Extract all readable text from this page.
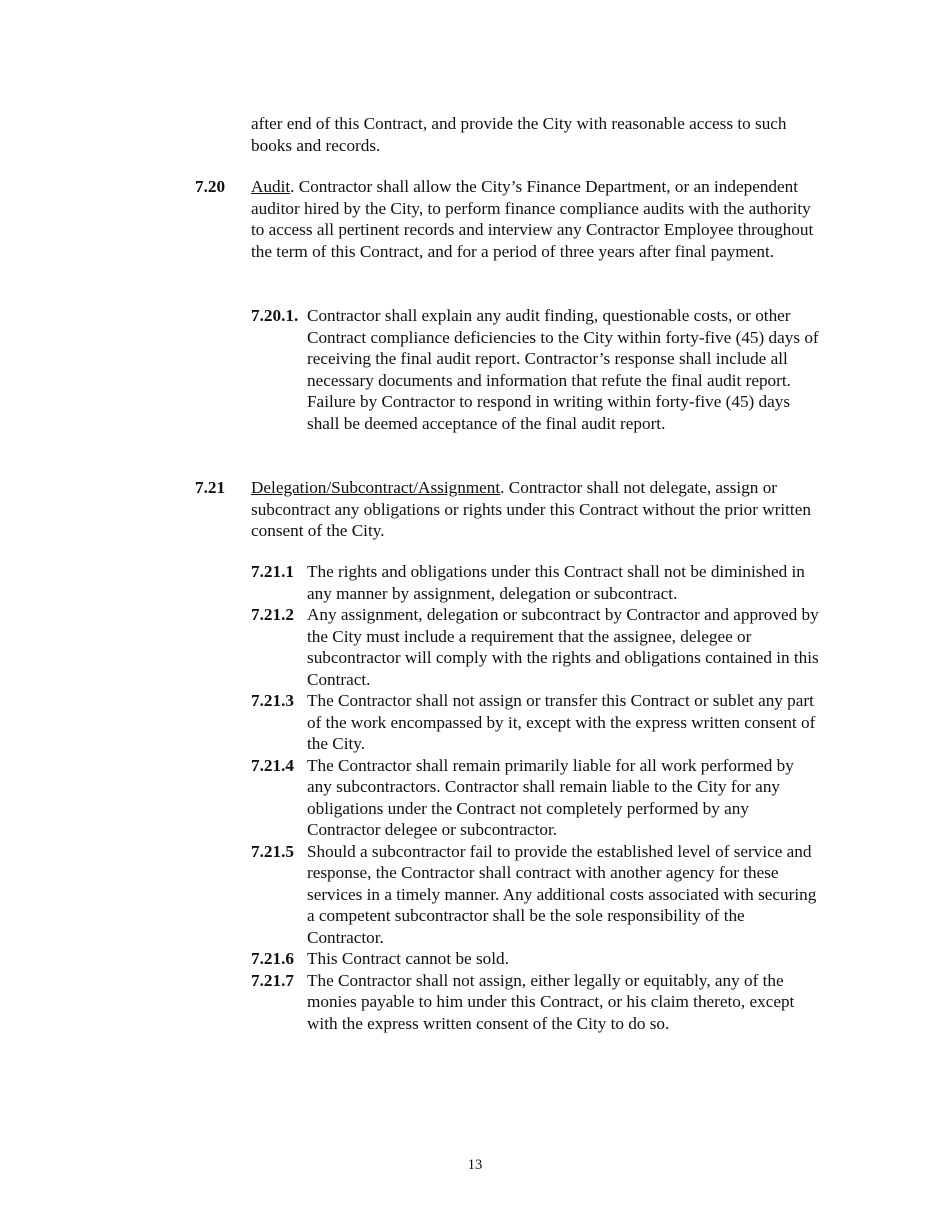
after end of this Contract, and provide the City with reasonable access to such books and records.
7.20	Audit. Contractor shall allow the City’s Finance Department, or an independent auditor hired by the City, to perform finance compliance audits with the authority to access all pertinent records and interview any Contractor Employee throughout the term of this Contract, and for a period of three years after final payment.
7.20.1. Contractor shall explain any audit finding, questionable costs, or other Contract compliance deficiencies to the City within forty-five (45) days of receiving the final audit report. Contractor’s response shall include all necessary documents and information that refute the final audit report. Failure by Contractor to respond in writing within forty-five (45) days shall be deemed acceptance of the final audit report.
7.21	Delegation/Subcontract/Assignment. Contractor shall not delegate, assign or subcontract any obligations or rights under this Contract without the prior written consent of the City.
7.21.1 The rights and obligations under this Contract shall not be diminished in any manner by assignment, delegation or subcontract.
7.21.2 Any assignment, delegation or subcontract by Contractor and approved by the City must include a requirement that the assignee, delegee or subcontractor will comply with the rights and obligations contained in this Contract.
7.21.3 The Contractor shall not assign or transfer this Contract or sublet any part of the work encompassed by it, except with the express written consent of the City.
7.21.4 The Contractor shall remain primarily liable for all work performed by any subcontractors. Contractor shall remain liable to the City for any obligations under the Contract not completely performed by any Contractor delegee or subcontractor.
7.21.5 Should a subcontractor fail to provide the established level of service and response, the Contractor shall contract with another agency for these services in a timely manner. Any additional costs associated with securing a competent subcontractor shall be the sole responsibility of the Contractor.
7.21.6 This Contract cannot be sold.
7.21.7 The Contractor shall not assign, either legally or equitably, any of the monies payable to him under this Contract, or his claim thereto, except with the express written consent of the City to do so.
13
